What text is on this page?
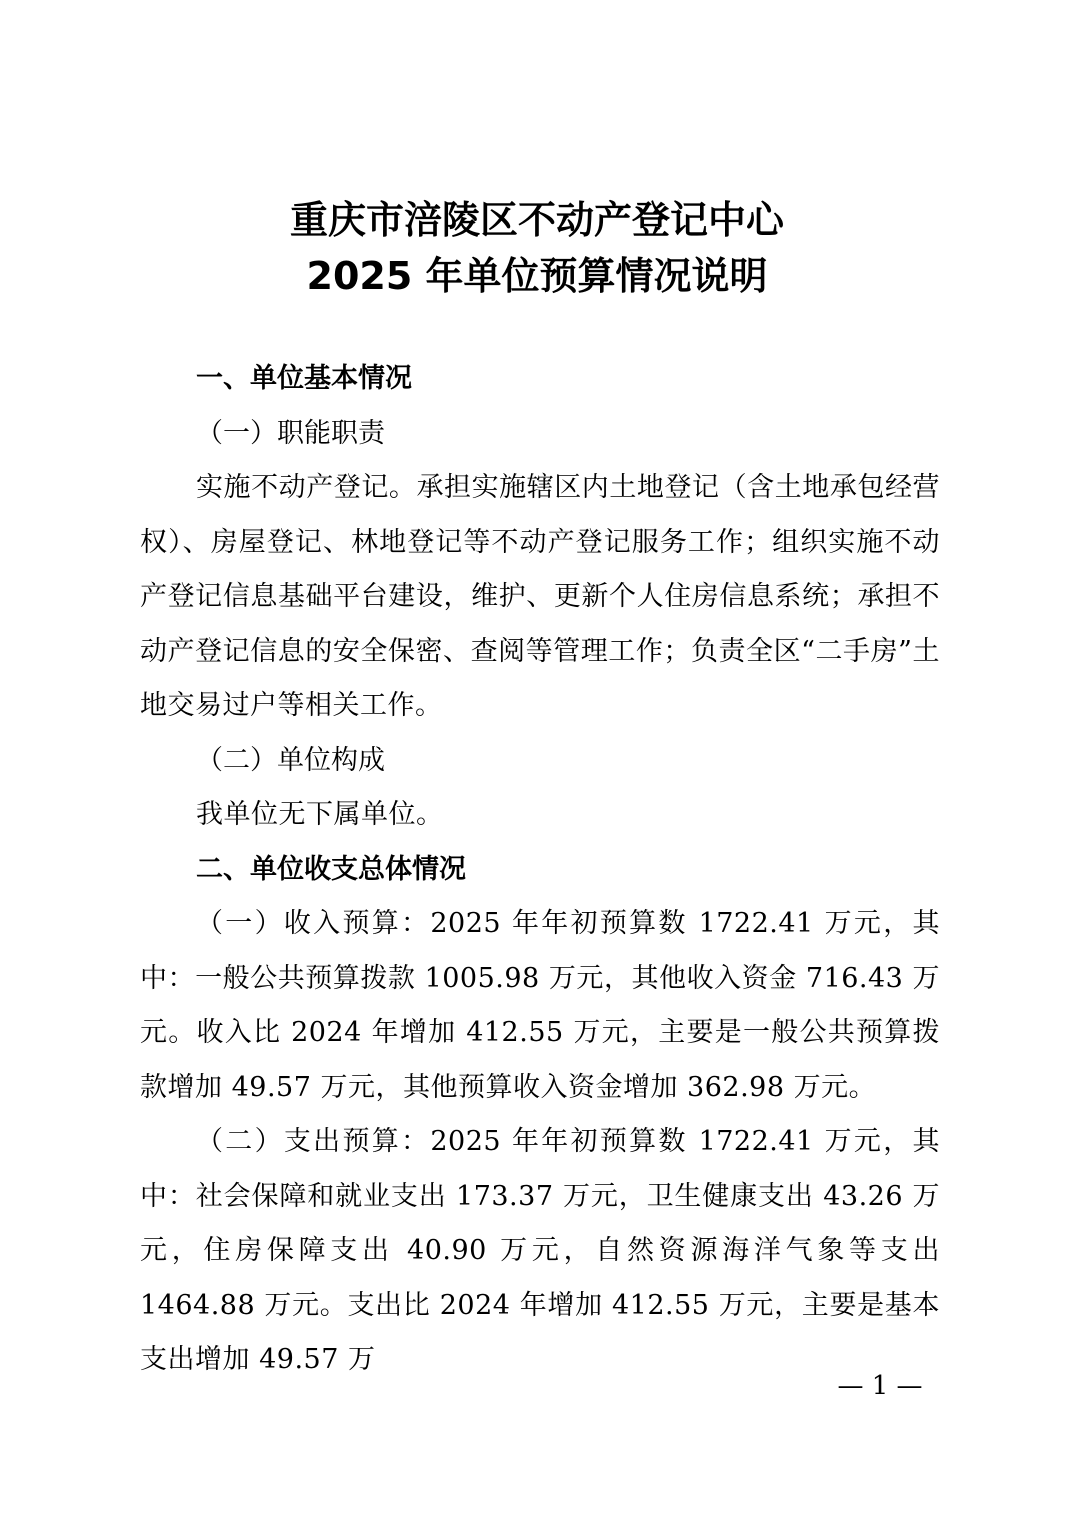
重庆市涪陵区不动产登记中心
2025 年单位预算情况说明

一、单位基本情况

（一）职能职责

实施不动产登记。承担实施辖区内土地登记（含土地承包经营权）、房屋登记、林地登记等不动产登记服务工作；组织实施不动产登记信息基础平台建设，维护、更新个人住房信息系统；承担不动产登记信息的安全保密、查阅等管理工作；负责全区“二手房”土地交易过户等相关工作。

（二）单位构成

我单位无下属单位。

二、单位收支总体情况

（一）收入预算：2025 年年初预算数 1722.41 万元，其中：一般公共预算拨款 1005.98 万元，其他收入资金 716.43 万元。收入比 2024 年增加 412.55 万元，主要是一般公共预算拨款增加 49.57 万元，其他预算收入资金增加 362.98 万元。

（二）支出预算：2025 年年初预算数 1722.41 万元，其中：社会保障和就业支出 173.37 万元，卫生健康支出 43.26 万元，住房保障支出 40.90 万元，自然资源海洋气象等支出 1464.88 万元。支出比 2024 年增加 412.55 万元，主要是基本支出增加 49.57 万

— 1 —
